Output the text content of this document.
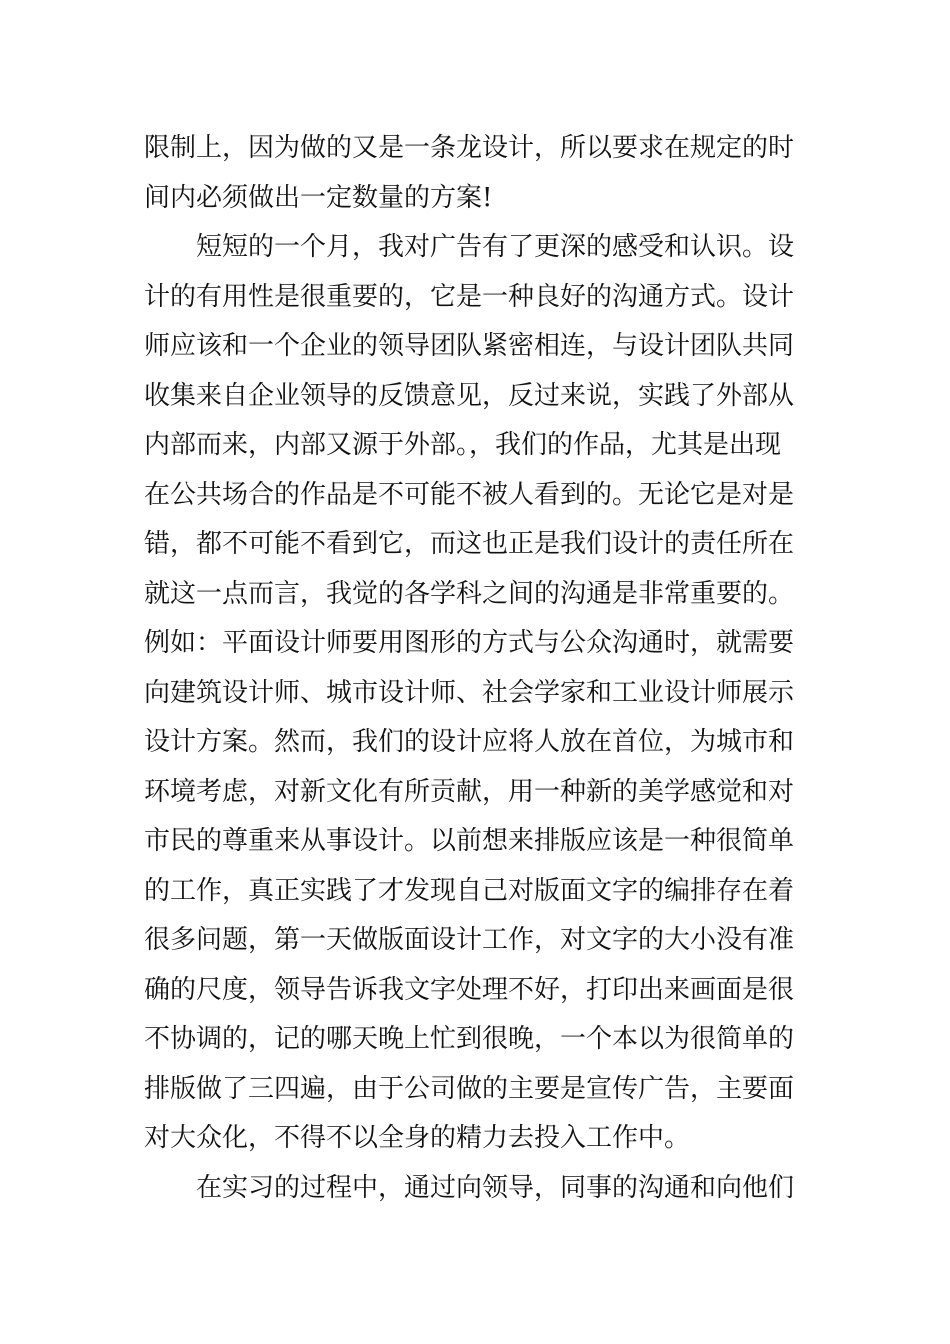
限制上，因为做的又是一条龙设计，所以要求在规定的时
间内必须做出一定数量的方案!
短短的一个月，我对广告有了更深的感受和认识。设
计的有用性是很重要的，它是一种良好的沟通方式。设计
师应该和一个企业的领导团队紧密相连，与设计团队共同
收集来自企业领导的反馈意见，反过来说，实践了外部从
内部而来，内部又源于外部。，我们的作品，尤其是出现
在公共场合的作品是不可能不被人看到的。无论它是对是
错，都不可能不看到它，而这也正是我们设计的责任所在
就这一点而言，我觉的各学科之间的沟通是非常重要的。
例如：平面设计师要用图形的方式与公众沟通时，就需要
向建筑设计师、城市设计师、社会学家和工业设计师展示
设计方案。然而，我们的设计应将人放在首位，为城市和
环境考虑，对新文化有所贡献，用一种新的美学感觉和对
市民的尊重来从事设计。以前想来排版应该是一种很简单
的工作，真正实践了才发现自己对版面文字的编排存在着
很多问题，第一天做版面设计工作，对文字的大小没有准
确的尺度，领导告诉我文字处理不好，打印出来画面是很
不协调的，记的哪天晚上忙到很晚，一个本以为很简单的
排版做了三四遍，由于公司做的主要是宣传广告，主要面
对大众化，不得不以全身的精力去投入工作中。
在实习的过程中，通过向领导，同事的沟通和向他们
